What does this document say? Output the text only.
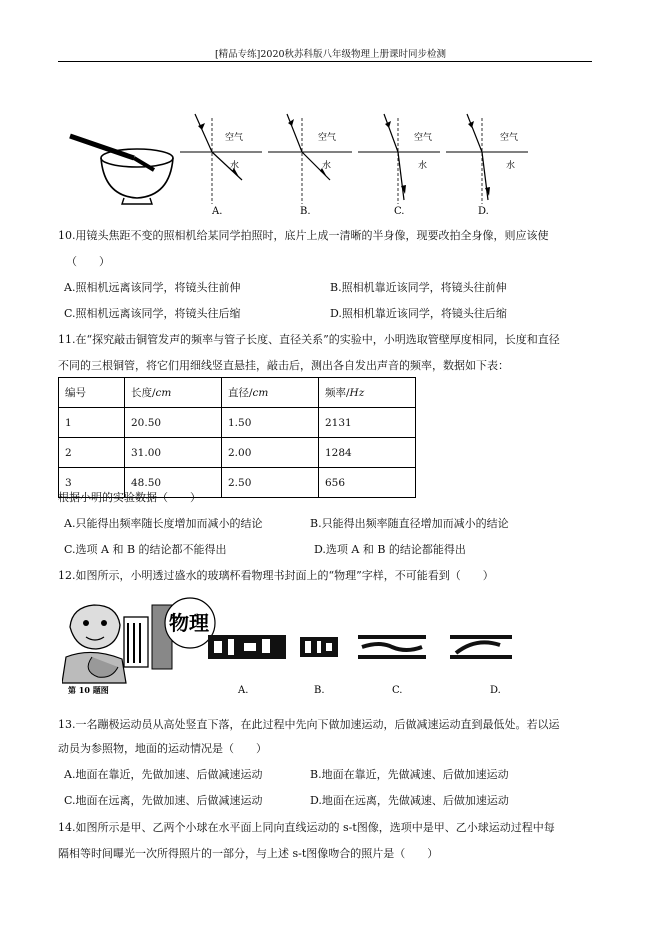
[精品专练]2020秋苏科版八年级物理上册课时同步检测
空气
水
A.
空气
水
B.
空气
水
C.
空气
水
D.
10.用镜头焦距不变的照相机给某同学拍照时，底片上成一清晰的半身像，现要改拍全身像，则应该使
（　　）
A.照相机远离该同学，将镜头往前伸	B.照相机靠近该同学，将镜头往前伸
C.照相机远离该同学，将镜头往后缩	D.照相机靠近该同学，将镜头往后缩
11.在“探究敲击铜管发声的频率与管子长度、直径关系”的实验中，小明选取管壁厚度相同，长度和直径
不同的三根铜管，将它们用细线竖直悬挂，敲击后，测出各自发出声音的频率，数据如下表：
编号	长度/cm	直径/cm	频率/Hz
1	20.50	1.50	2131
2	31.00	2.00	1284
3	48.50	2.50	656
根据小明的实验数据（　　）
A.只能得出频率随长度增加而减小的结论	B.只能得出频率随直径增加而减小的结论
C.选项 A 和 B 的结论都不能得出	D.选项 A 和 B 的结论都能得出
12.如图所示，小明透过盛水的玻璃杯看物理书封面上的“物理”字样，不可能看到（　　）
第 10 题图
物理
A.	B.	C.	D.
13.一名蹦极运动员从高处竖直下落，在此过程中先向下做加速运动，后做减速运动直到最低处。若以运
动员为参照物，地面的运动情况是（　　）
A.地面在靠近，先做加速、后做减速运动	B.地面在靠近，先做减速、后做加速运动
C.地面在远离，先做加速、后做减速运动	D.地面在远离，先做减速、后做加速运动
14.如图所示是甲、乙两个小球在水平面上同向直线运动的 s-t图像，选项中是甲、乙小球运动过程中每
隔相等时间曝光一次所得照片的一部分，与上述 s-t图像吻合的照片是（　　）
